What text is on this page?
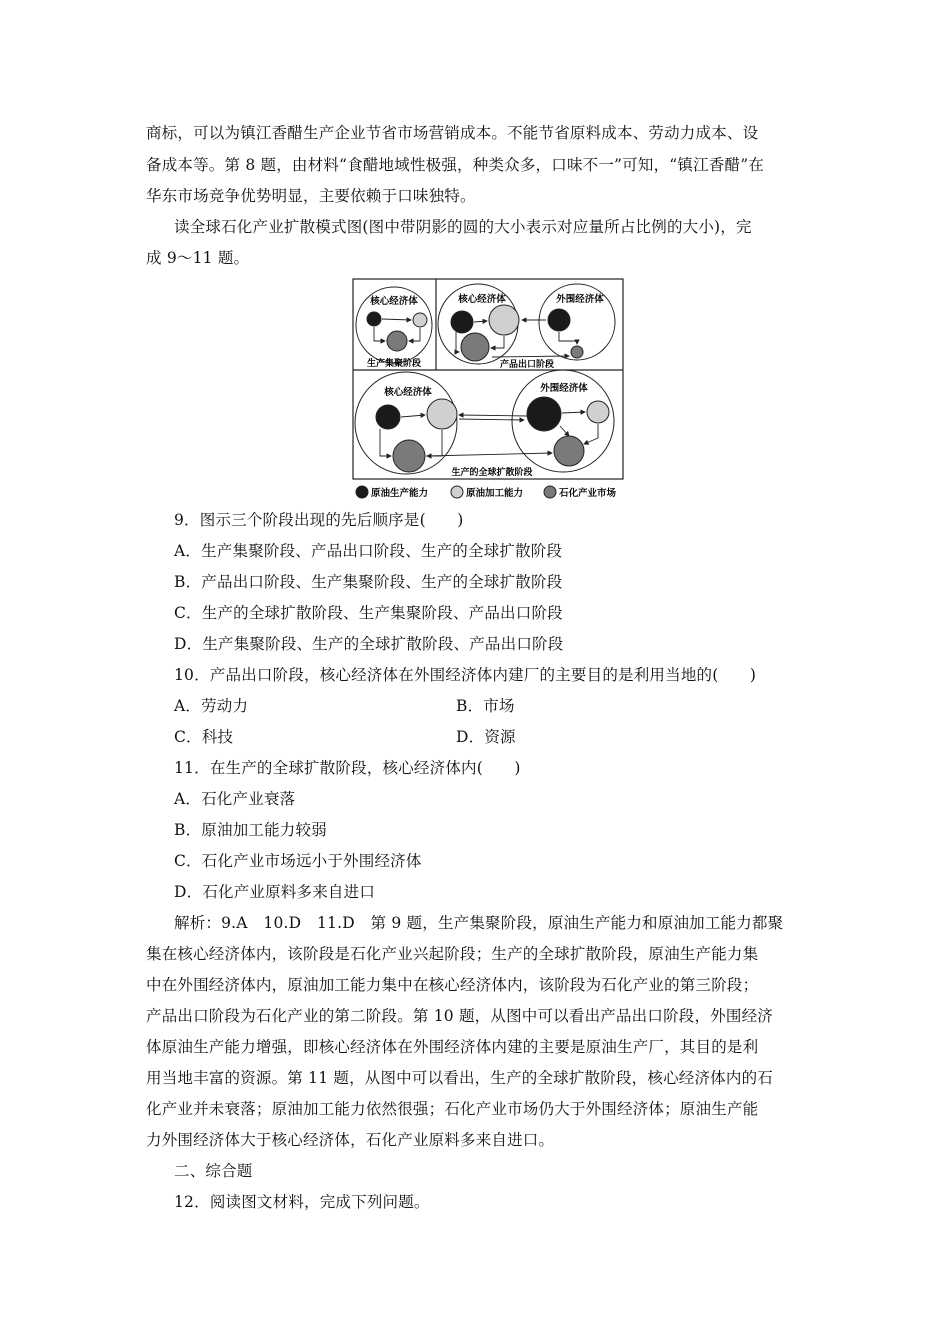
商标，可以为镇江香醋生产企业节省市场营销成本。不能节省原料成本、劳动力成本、设
备成本等。第 8 题，由材料“食醋地域性极强，种类众多，口味不一”可知，“镇江香醋”在
华东市场竞争优势明显，主要依赖于口味独特。
读全球石化产业扩散模式图(图中带阴影的圆的大小表示对应量所占比例的大小)，完
成 9～11 题。
核心经济体
生产集聚阶段
核心经济体	外围经济体
产品出口阶段
核心经济体	外围经济体
生产的全球扩散阶段
原油生产能力	原油加工能力	石化产业市场
9．图示三个阶段出现的先后顺序是(　　)
A．生产集聚阶段、产品出口阶段、生产的全球扩散阶段
B．产品出口阶段、生产集聚阶段、生产的全球扩散阶段
C．生产的全球扩散阶段、生产集聚阶段、产品出口阶段
D．生产集聚阶段、生产的全球扩散阶段、产品出口阶段
10．产品出口阶段，核心经济体在外围经济体内建厂的主要目的是利用当地的(　　)
A．劳动力	B．市场
C．科技	D．资源
11．在生产的全球扩散阶段，核心经济体内(　　)
A．石化产业衰落
B．原油加工能力较弱
C．石化产业市场远小于外围经济体
D．石化产业原料多来自进口
解析：9.A　10.D　11.D　第 9 题，生产集聚阶段，原油生产能力和原油加工能力都聚
集在核心经济体内，该阶段是石化产业兴起阶段；生产的全球扩散阶段，原油生产能力集
中在外围经济体内，原油加工能力集中在核心经济体内，该阶段为石化产业的第三阶段；
产品出口阶段为石化产业的第二阶段。第 10 题，从图中可以看出产品出口阶段，外围经济
体原油生产能力增强，即核心经济体在外围经济体内建的主要是原油生产厂，其目的是利
用当地丰富的资源。第 11 题，从图中可以看出，生产的全球扩散阶段，核心经济体内的石
化产业并未衰落；原油加工能力依然很强；石化产业市场仍大于外围经济体；原油生产能
力外围经济体大于核心经济体，石化产业原料多来自进口。
二、综合题
12．阅读图文材料，完成下列问题。
